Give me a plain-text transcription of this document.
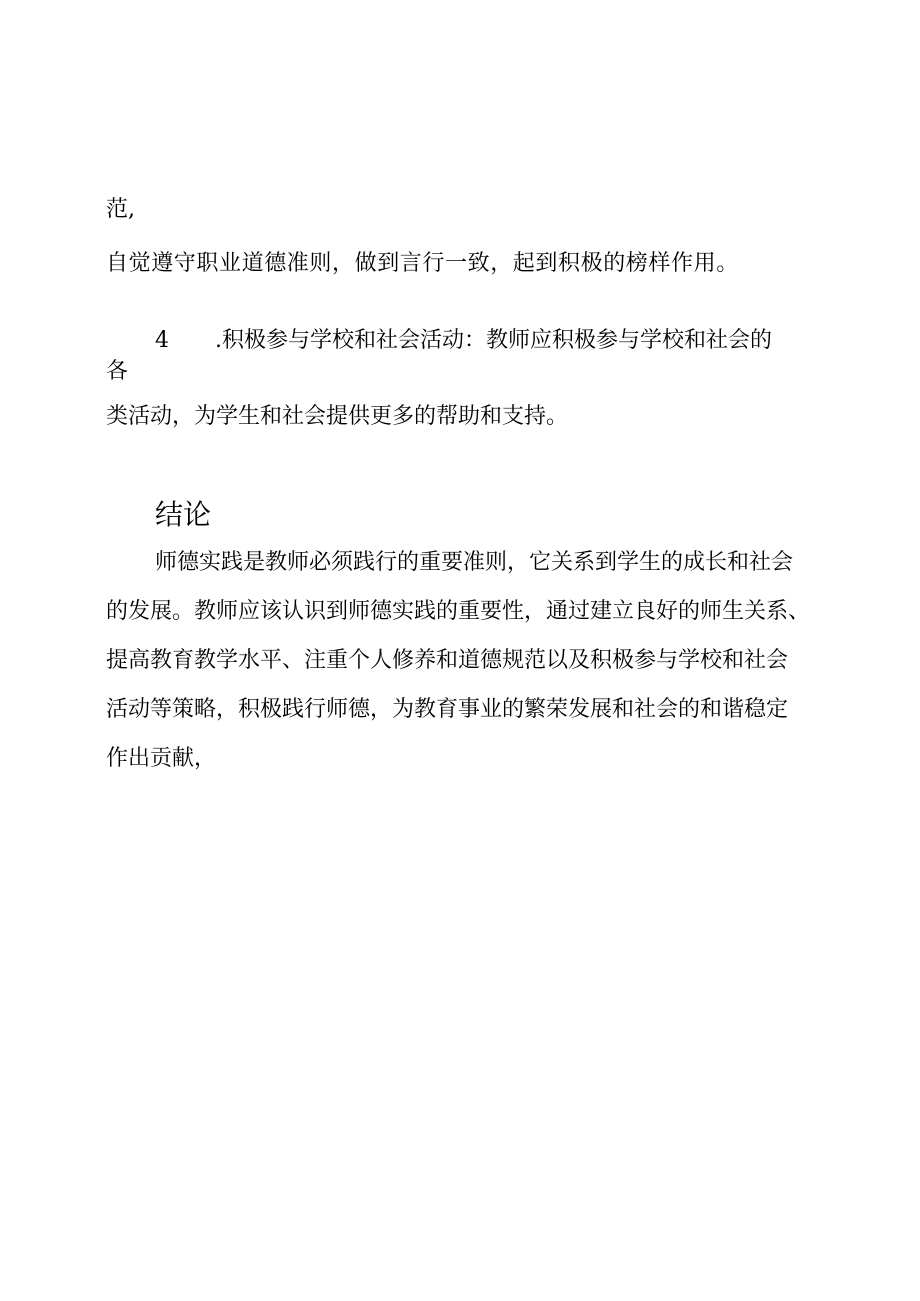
范,
自觉遵守职业道德准则，做到言行一致，起到积极的榜样作用。
4 .积极参与学校和社会活动：教师应积极参与学校和社会的
各
类活动，为学生和社会提供更多的帮助和支持。
结论
师德实践是教师必须践行的重要准则，它关系到学生的成长和社会
的发展。教师应该认识到师德实践的重要性，通过建立良好的师生关系、
提高教育教学水平、注重个人修养和道德规范以及积极参与学校和社会
活动等策略，积极践行师德，为教育事业的繁荣发展和社会的和谐稳定
作出贡献，
